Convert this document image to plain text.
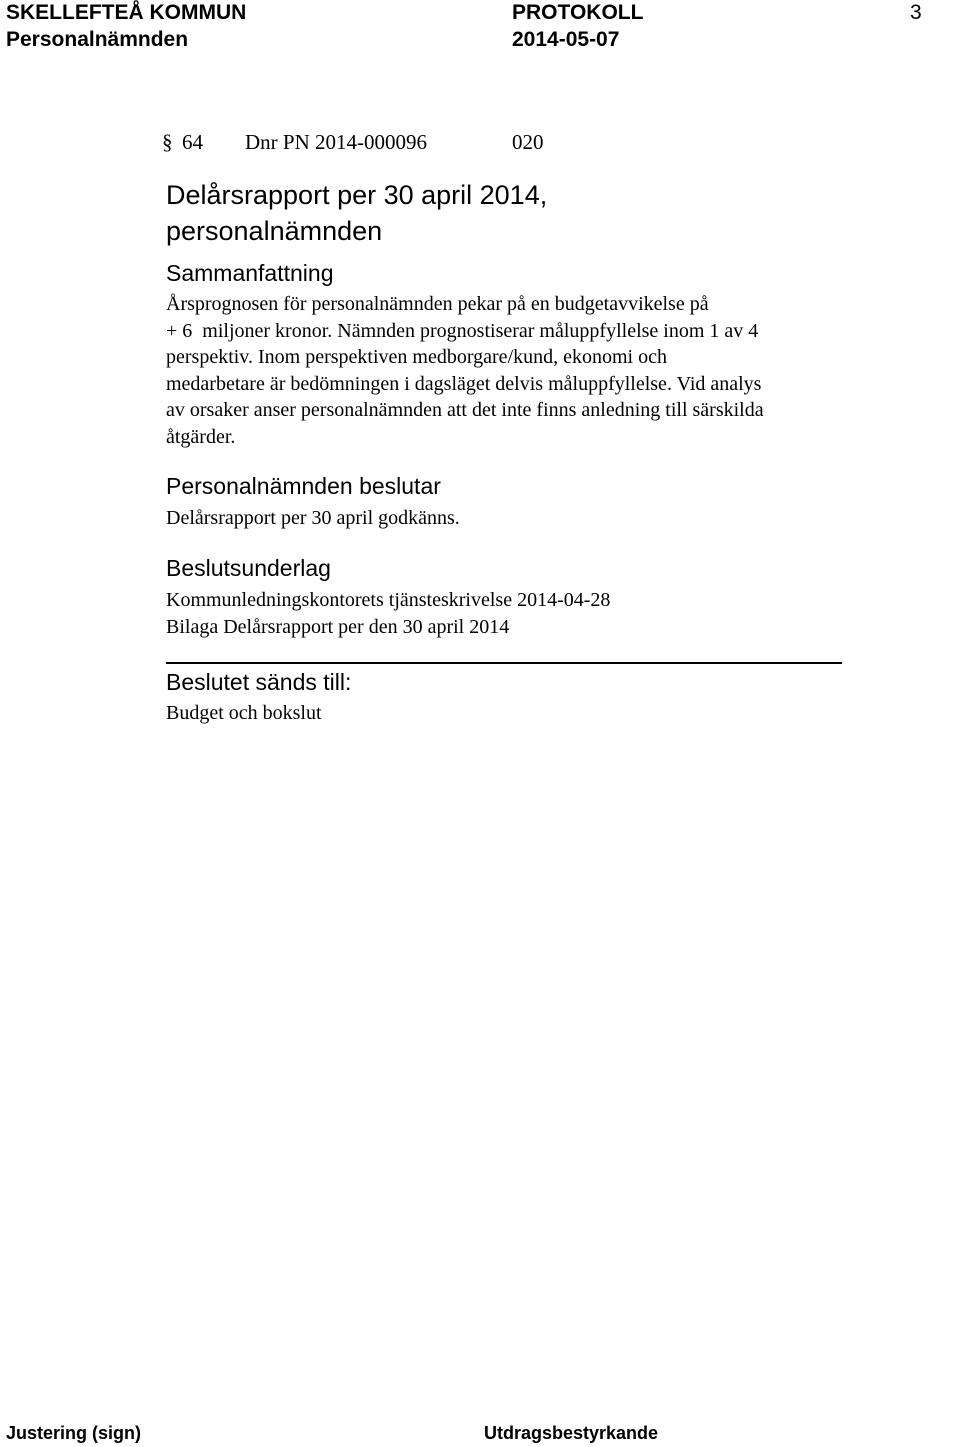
SKELLEFTEÅ KOMMUN	PROTOKOLL	3
Personalnämnden	2014-05-07
§ 64 Dnr PN 2014-000096	020
Delårsrapport per 30 april 2014,
personalnämnden
Sammanfattning
Årsprognosen för personalnämnden pekar på en budgetavvikelse på
+ 6  miljoner kronor. Nämnden prognostiserar måluppfyllelse inom 1 av 4
perspektiv. Inom perspektiven medborgare/kund, ekonomi och
medarbetare är bedömningen i dagsläget delvis måluppfyllelse. Vid analys
av orsaker anser personalnämnden att det inte finns anledning till särskilda
åtgärder.
Personalnämnden beslutar
Delårsrapport per 30 april godkänns.
Beslutsunderlag
Kommunledningskontorets tjänsteskrivelse 2014-04-28
Bilaga Delårsrapport per den 30 april 2014
Beslutet sänds till:
Budget och bokslut
Justering (sign)	Utdragsbestyrkande
